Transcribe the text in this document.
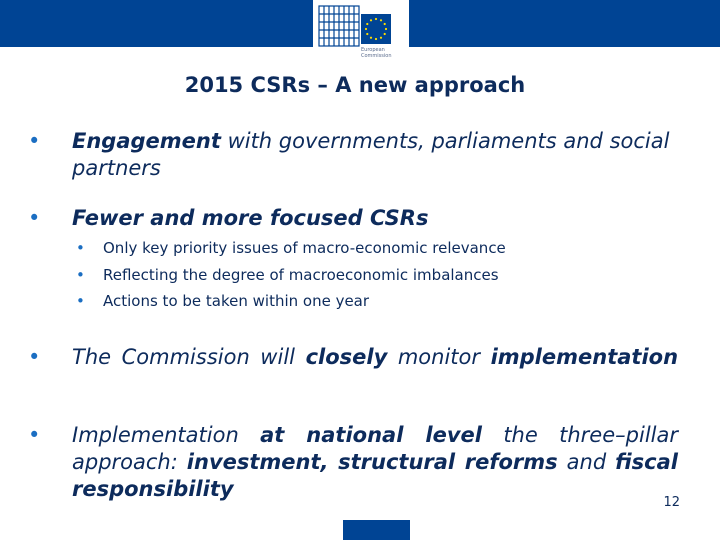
European Commission
2015 CSRs – A new approach
• Engagement with governments, parliaments and social partners
• Fewer and more focused CSRs
• Only key priority issues of macro-economic relevance
• Reflecting the degree of macroeconomic imbalances
• Actions to be taken within one year
• The Commission will closely monitor implementation
• Implementation at national level the three–pillar approach: investment, structural reforms and fiscal responsibility
12
